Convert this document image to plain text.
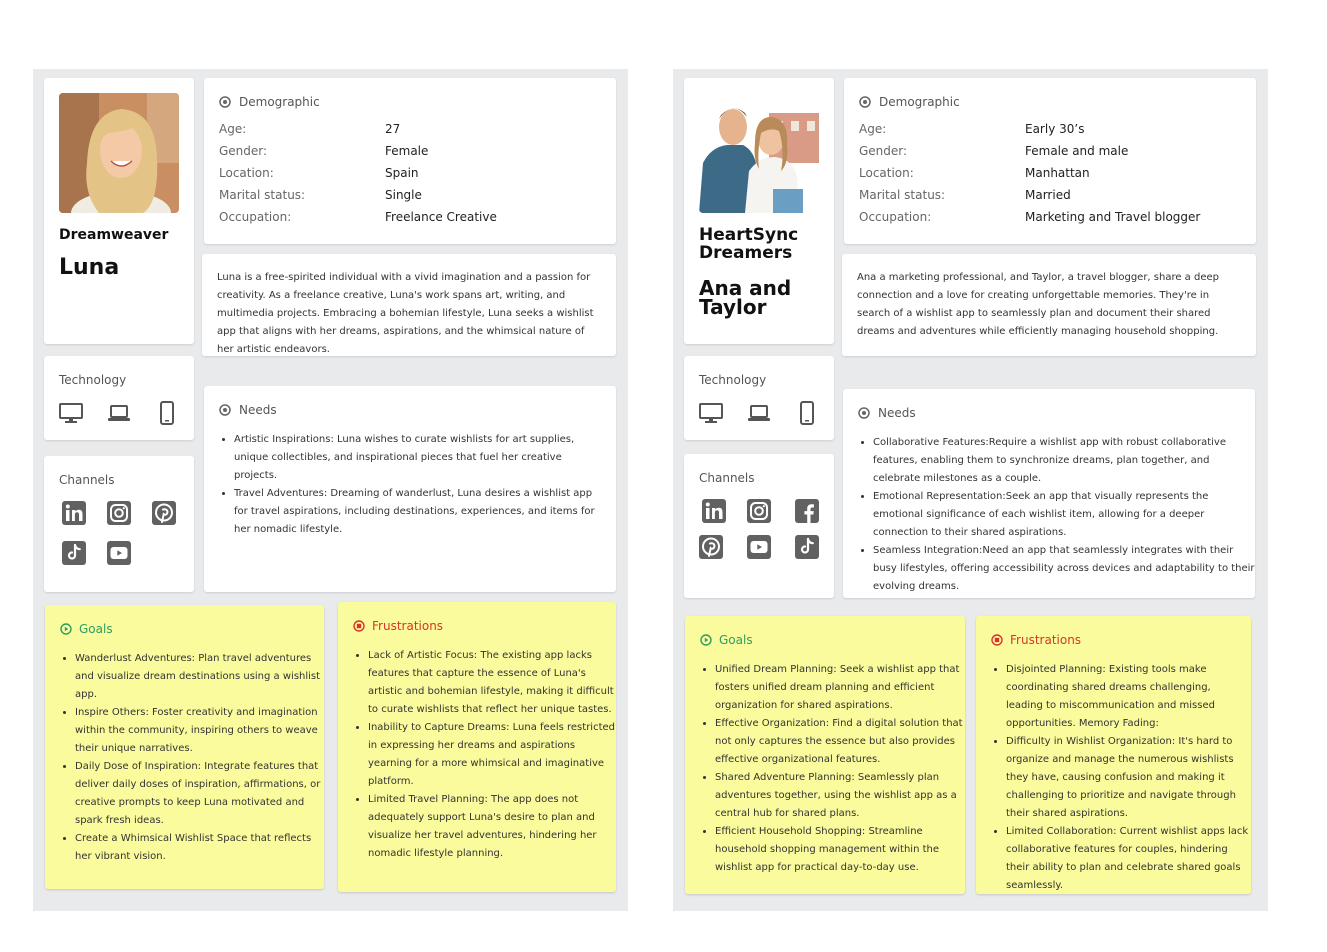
Dreamweaver
Luna
Demographic
Age:	27
Gender:	Female
Location:	Spain
Marital status:	Single
Occupation:	Freelance Creative
Luna is a free-spirited individual with a vivid imagination and a passion for creativity. As a freelance creative, Luna's work spans art, writing, and multimedia projects. Embracing a bohemian lifestyle, Luna seeks a wishlist app that aligns with her dreams, aspirations, and the whimsical nature of her artistic endeavors.
Technology
Channels
Needs
• Artistic Inspirations: Luna wishes to curate wishlists for art supplies, unique collectibles, and inspirational pieces that fuel her creative projects.
• Travel Adventures: Dreaming of wanderlust, Luna desires a wishlist app for travel aspirations, including destinations, experiences, and items for her nomadic lifestyle.
Goals
• Wanderlust Adventures: Plan travel adventures and visualize dream destinations using a wishlist app.
• Inspire Others: Foster creativity and imagination within the community, inspiring others to weave their unique narratives.
• Daily Dose of Inspiration: Integrate features that deliver daily doses of inspiration, affirmations, or creative prompts to keep Luna motivated and spark fresh ideas.
• Create a Whimsical Wishlist Space that reflects her vibrant vision.
Frustrations
• Lack of Artistic Focus: The existing app lacks features that capture the essence of Luna's artistic and bohemian lifestyle, making it difficult to curate wishlists that reflect her unique tastes.
• Inability to Capture Dreams: Luna feels restricted in expressing her dreams and aspirations yearning for a more whimsical and imaginative platform.
• Limited Travel Planning: The app does not adequately support Luna's desire to plan and visualize her travel adventures, hindering her nomadic lifestyle planning.
HeartSync Dreamers
Ana and Taylor
Demographic
Age:	Early 30’s
Gender:	Female and male
Location:	Manhattan
Marital status:	Married
Occupation:	Marketing and Travel blogger
Ana a marketing professional, and Taylor, a travel blogger, share a deep connection and a love for creating unforgettable memories. They're in search of a wishlist app to seamlessly plan and document their shared dreams and adventures while efficiently managing household shopping.
Technology
Channels
Needs
• Collaborative Features:Require a wishlist app with robust collaborative features, enabling them to synchronize dreams, plan together, and celebrate milestones as a couple.
• Emotional Representation:Seek an app that visually represents the emotional significance of each wishlist item, allowing for a deeper connection to their shared aspirations.
• Seamless Integration:Need an app that seamlessly integrates with their busy lifestyles, offering accessibility across devices and adaptability to their evolving dreams.
Goals
• Unified Dream Planning: Seek a wishlist app that fosters unified dream planning and efficient organization for shared aspirations.
• Effective Organization: Find a digital solution that not only captures the essence but also provides effective organizational features.
• Shared Adventure Planning: Seamlessly plan adventures together, using the wishlist app as a central hub for shared plans.
• Efficient Household Shopping: Streamline household shopping management within the wishlist app for practical day-to-day use.
Frustrations
• Disjointed Planning: Existing tools make coordinating shared dreams challenging, leading to miscommunication and missed opportunities. Memory Fading:
• Difficulty in Wishlist Organization: It's hard to organize and manage the numerous wishlists they have, causing confusion and making it challenging to prioritize and navigate through their shared aspirations.
• Limited Collaboration: Current wishlist apps lack collaborative features for couples, hindering their ability to plan and celebrate shared goals seamlessly.
